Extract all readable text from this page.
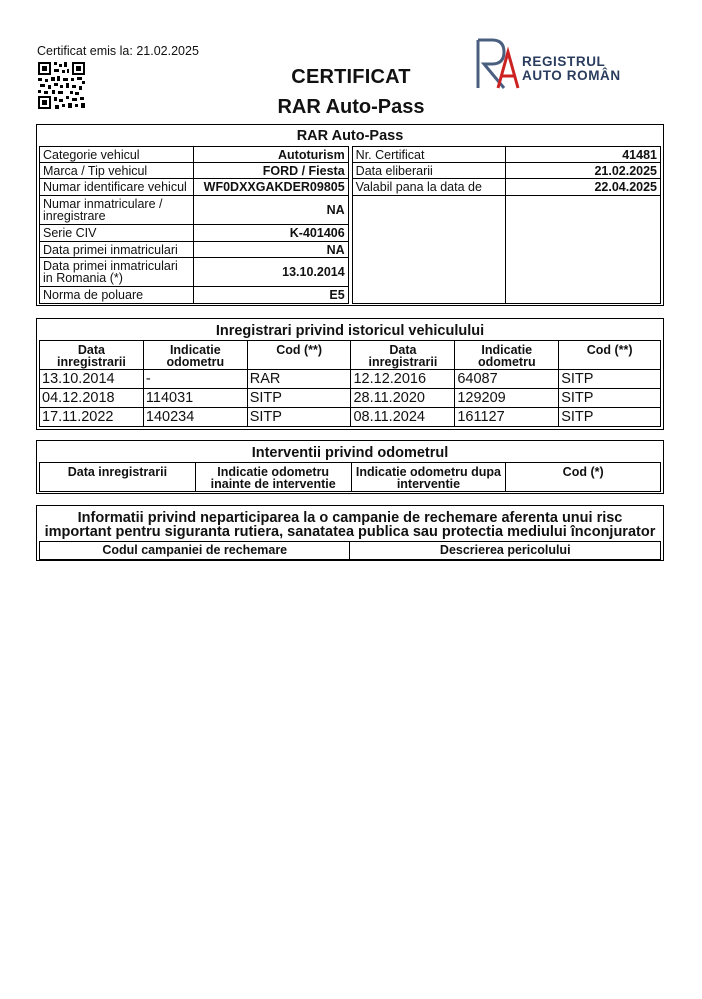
Certificat emis la: 21.02.2025
CERTIFICAT
RAR Auto-Pass
REGISTRUL
AUTO ROMÂN
RAR Auto-Pass
Categorie vehicul	Autoturism		Nr. Certificat	41481
Marca / Tip vehicul	FORD / Fiesta		Data eliberarii	21.02.2025
Numar identificare vehicul	WF0DXXGAKDER09805		Valabil pana la data de	22.04.2025
Numar inmatriculare / inregistrare	NA			
Serie CIV	K-401406			
Data primei inmatriculari	NA			
Data primei inmatriculari in Romania (*)	13.10.2014			
Norma de poluare	E5			
Inregistrari privind istoricul vehiculului
Data inregistrarii	Indicatie odometru	Cod (**)	Data inregistrarii	Indicatie odometru	Cod (**)
13.10.2014	-	RAR	12.12.2016	64087	SITP
04.12.2018	114031	SITP	28.11.2020	129209	SITP
17.11.2022	140234	SITP	08.11.2024	161127	SITP
Interventii privind odometrul
Data inregistrarii	Indicatie odometru inainte de interventie	Indicatie odometru dupa interventie	Cod (*)
Informatii privind neparticiparea la o campanie de rechemare aferenta unui risc important pentru siguranta rutiera, sanatatea publica sau protectia mediului înconjurator
Codul campaniei de rechemare	Descrierea pericolului
